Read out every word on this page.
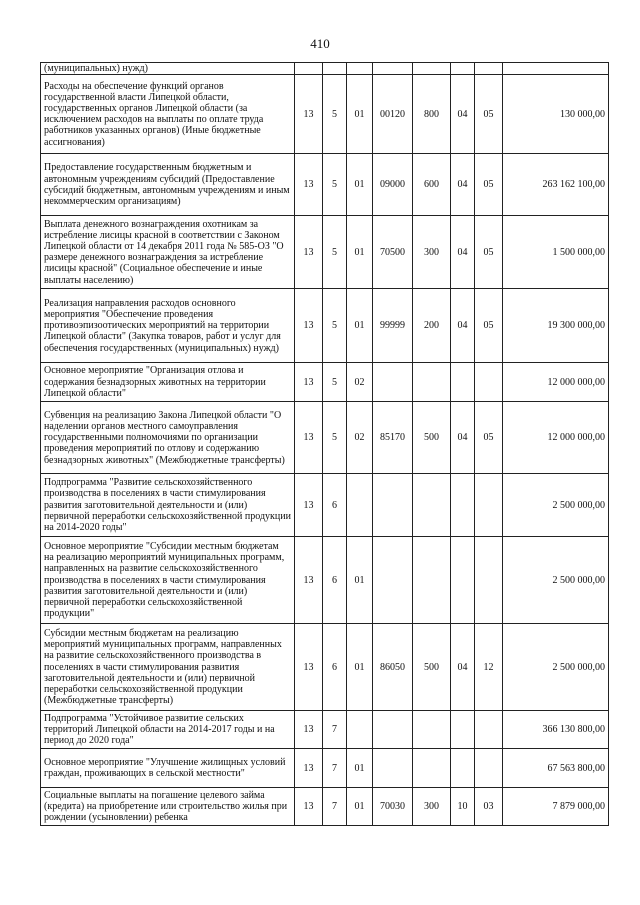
410
(муниципальных) нужд)								
Расходы на обеспечение функций органов государственной власти Липецкой области, государственных органов Липецкой области (за исключением расходов на выплаты по оплате труда работников указанных органов) (Иные бюджетные ассигнования)	13	5	01	00120	800	04	05	130 000,00
Предоставление государственным бюджетным и автономным учреждениям субсидий (Предоставление субсидий бюджетным, автономным учреждениям и иным некоммерческим организациям)	13	5	01	09000	600	04	05	263 162 100,00
Выплата денежного вознаграждения охотникам за истребление лисицы красной в соответствии с Законом Липецкой области от 14 декабря 2011 года № 585-ОЗ "О размере денежного вознаграждения за истребление лисицы красной" (Социальное обеспечение и иные выплаты населению)	13	5	01	70500	300	04	05	1 500 000,00
Реализация направления расходов основного мероприятия "Обеспечение проведения противоэпизоотических мероприятий на территории Липецкой области" (Закупка товаров, работ и услуг для обеспечения государственных (муниципальных) нужд)	13	5	01	99999	200	04	05	19 300 000,00
Основное мероприятие "Организация отлова и содержания безнадзорных животных на территории Липецкой области"	13	5	02					12 000 000,00
Субвенция на реализацию Закона Липецкой области "О наделении органов местного самоуправления государственными полномочиями по организации проведения мероприятий по отлову и содержанию безнадзорных животных" (Межбюджетные трансферты)	13	5	02	85170	500	04	05	12 000 000,00
Подпрограмма "Развитие сельскохозяйственного производства в поселениях в части стимулирования развития заготовительной деятельности и (или) первичной переработки сельскохозяйственной продукции на 2014-2020 годы"	13	6						2 500 000,00
Основное мероприятие "Субсидии местным бюджетам на реализацию мероприятий муниципальных программ, направленных на развитие сельскохозяйственного производства в поселениях в части стимулирования развития заготовительной деятельности и (или) первичной переработки сельскохозяйственной продукции"	13	6	01					2 500 000,00
Субсидии местным бюджетам на реализацию мероприятий муниципальных программ, направленных на развитие сельскохозяйственного производства в поселениях в части стимулирования развития заготовительной деятельности и (или) первичной переработки сельскохозяйственной продукции (Межбюджетные трансферты)	13	6	01	86050	500	04	12	2 500 000,00
Подпрограмма "Устойчивое развитие сельских территорий Липецкой области на 2014-2017 годы и на период до 2020 года"	13	7						366 130 800,00
Основное мероприятие "Улучшение жилищных условий граждан, проживающих в сельской местности"	13	7	01					67 563 800,00
Социальные выплаты на погашение целевого займа (кредита) на приобретение или строительство жилья при рождении (усыновлении) ребенка	13	7	01	70030	300	10	03	7 879 000,00
